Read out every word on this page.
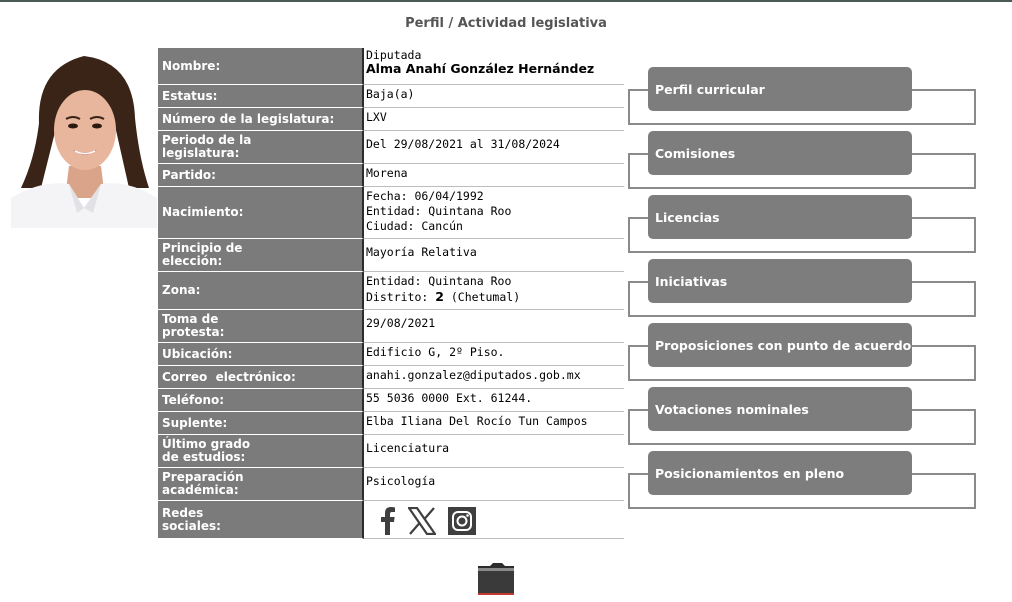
Perfil / Actividad legislativa
Nombre:
Diputada
Alma Anahí González Hernández
Estatus:	Baja(a)
Número de la legislatura:	LXV
Periodo de la
legislatura:
Del 29/08/2021 al 31/08/2024
Partido:	Morena
Nacimiento:
Fecha: 06/04/1992
Entidad: Quintana Roo
Ciudad: Cancún
Principio de
elección:
Mayoría Relativa
Zona:
Entidad: Quintana Roo
Distrito: 2 (Chetumal)
Toma de
protesta:
29/08/2021
Ubicación:	Edificio G, 2º Piso.
Correo  electrónico:	anahi.gonzalez@diputados.gob.mx
Teléfono:	55 5036 0000 Ext. 61244.
Suplente:	Elba Iliana Del Rocío Tun Campos
Último grado
de estudios:
Licenciatura
Preparación
académica:
Psicología
Redes
sociales:
Perfil curricular
Comisiones
Licencias
Iniciativas
Proposiciones con punto de acuerdo
Votaciones nominales
Posicionamientos en pleno
